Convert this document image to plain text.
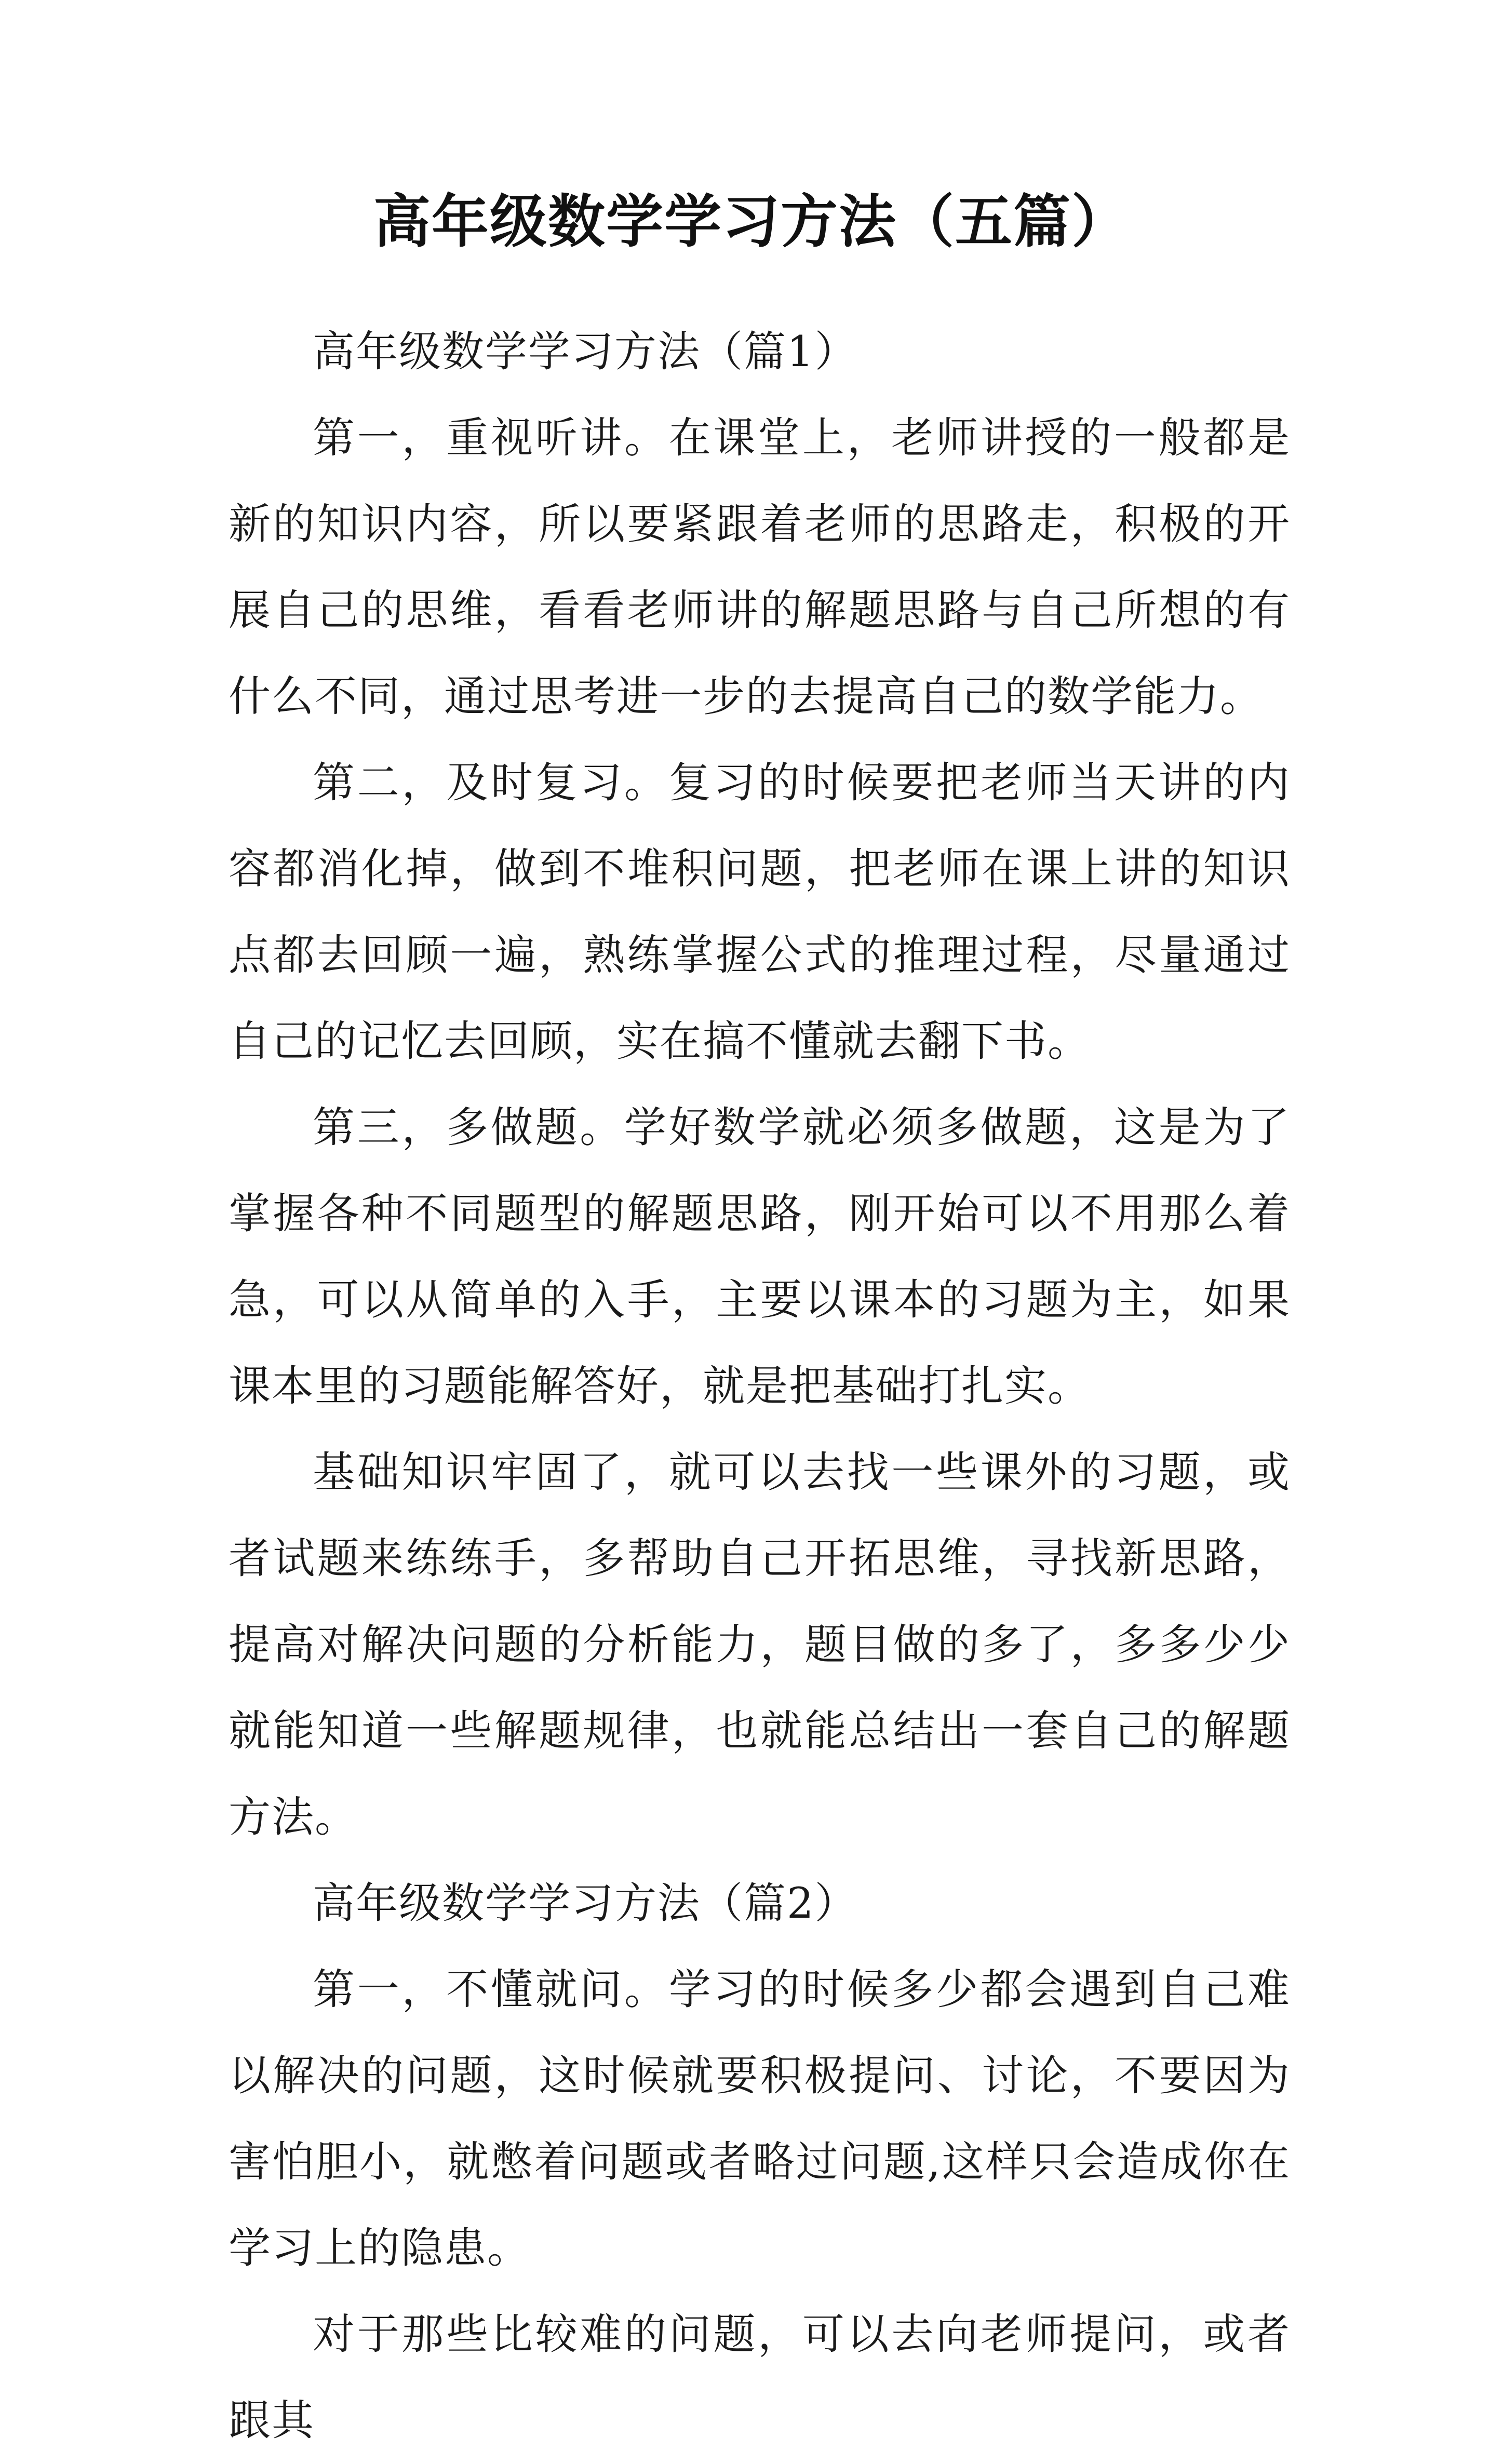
高年级数学学习方法（五篇）

高年级数学学习方法（篇1）

第一，重视听讲。在课堂上，老师讲授的一般都是新的知识内容，所以要紧跟着老师的思路走，积极的开展自己的思维，看看老师讲的解题思路与自己所想的有什么不同，通过思考进一步的去提高自己的数学能力。

第二，及时复习。复习的时候要把老师当天讲的内容都消化掉，做到不堆积问题，把老师在课上讲的知识点都去回顾一遍，熟练掌握公式的推理过程，尽量通过自己的记忆去回顾，实在搞不懂就去翻下书。

第三，多做题。学好数学就必须多做题，这是为了掌握各种不同题型的解题思路，刚开始可以不用那么着急，可以从简单的入手，主要以课本的习题为主，如果课本里的习题能解答好，就是把基础打扎实。

基础知识牢固了，就可以去找一些课外的习题，或者试题来练练手，多帮助自己开拓思维，寻找新思路，提高对解决问题的分析能力，题目做的多了，多多少少就能知道一些解题规律，也就能总结出一套自己的解题方法。

高年级数学学习方法（篇2）

第一，不懂就问。学习的时候多少都会遇到自己难以解决的问题，这时候就要积极提问、讨论，不要因为害怕胆小，就憋着问题或者略过问题,这样只会造成你在学习上的隐患。

对于那些比较难的问题，可以去向老师提问，或者跟其
